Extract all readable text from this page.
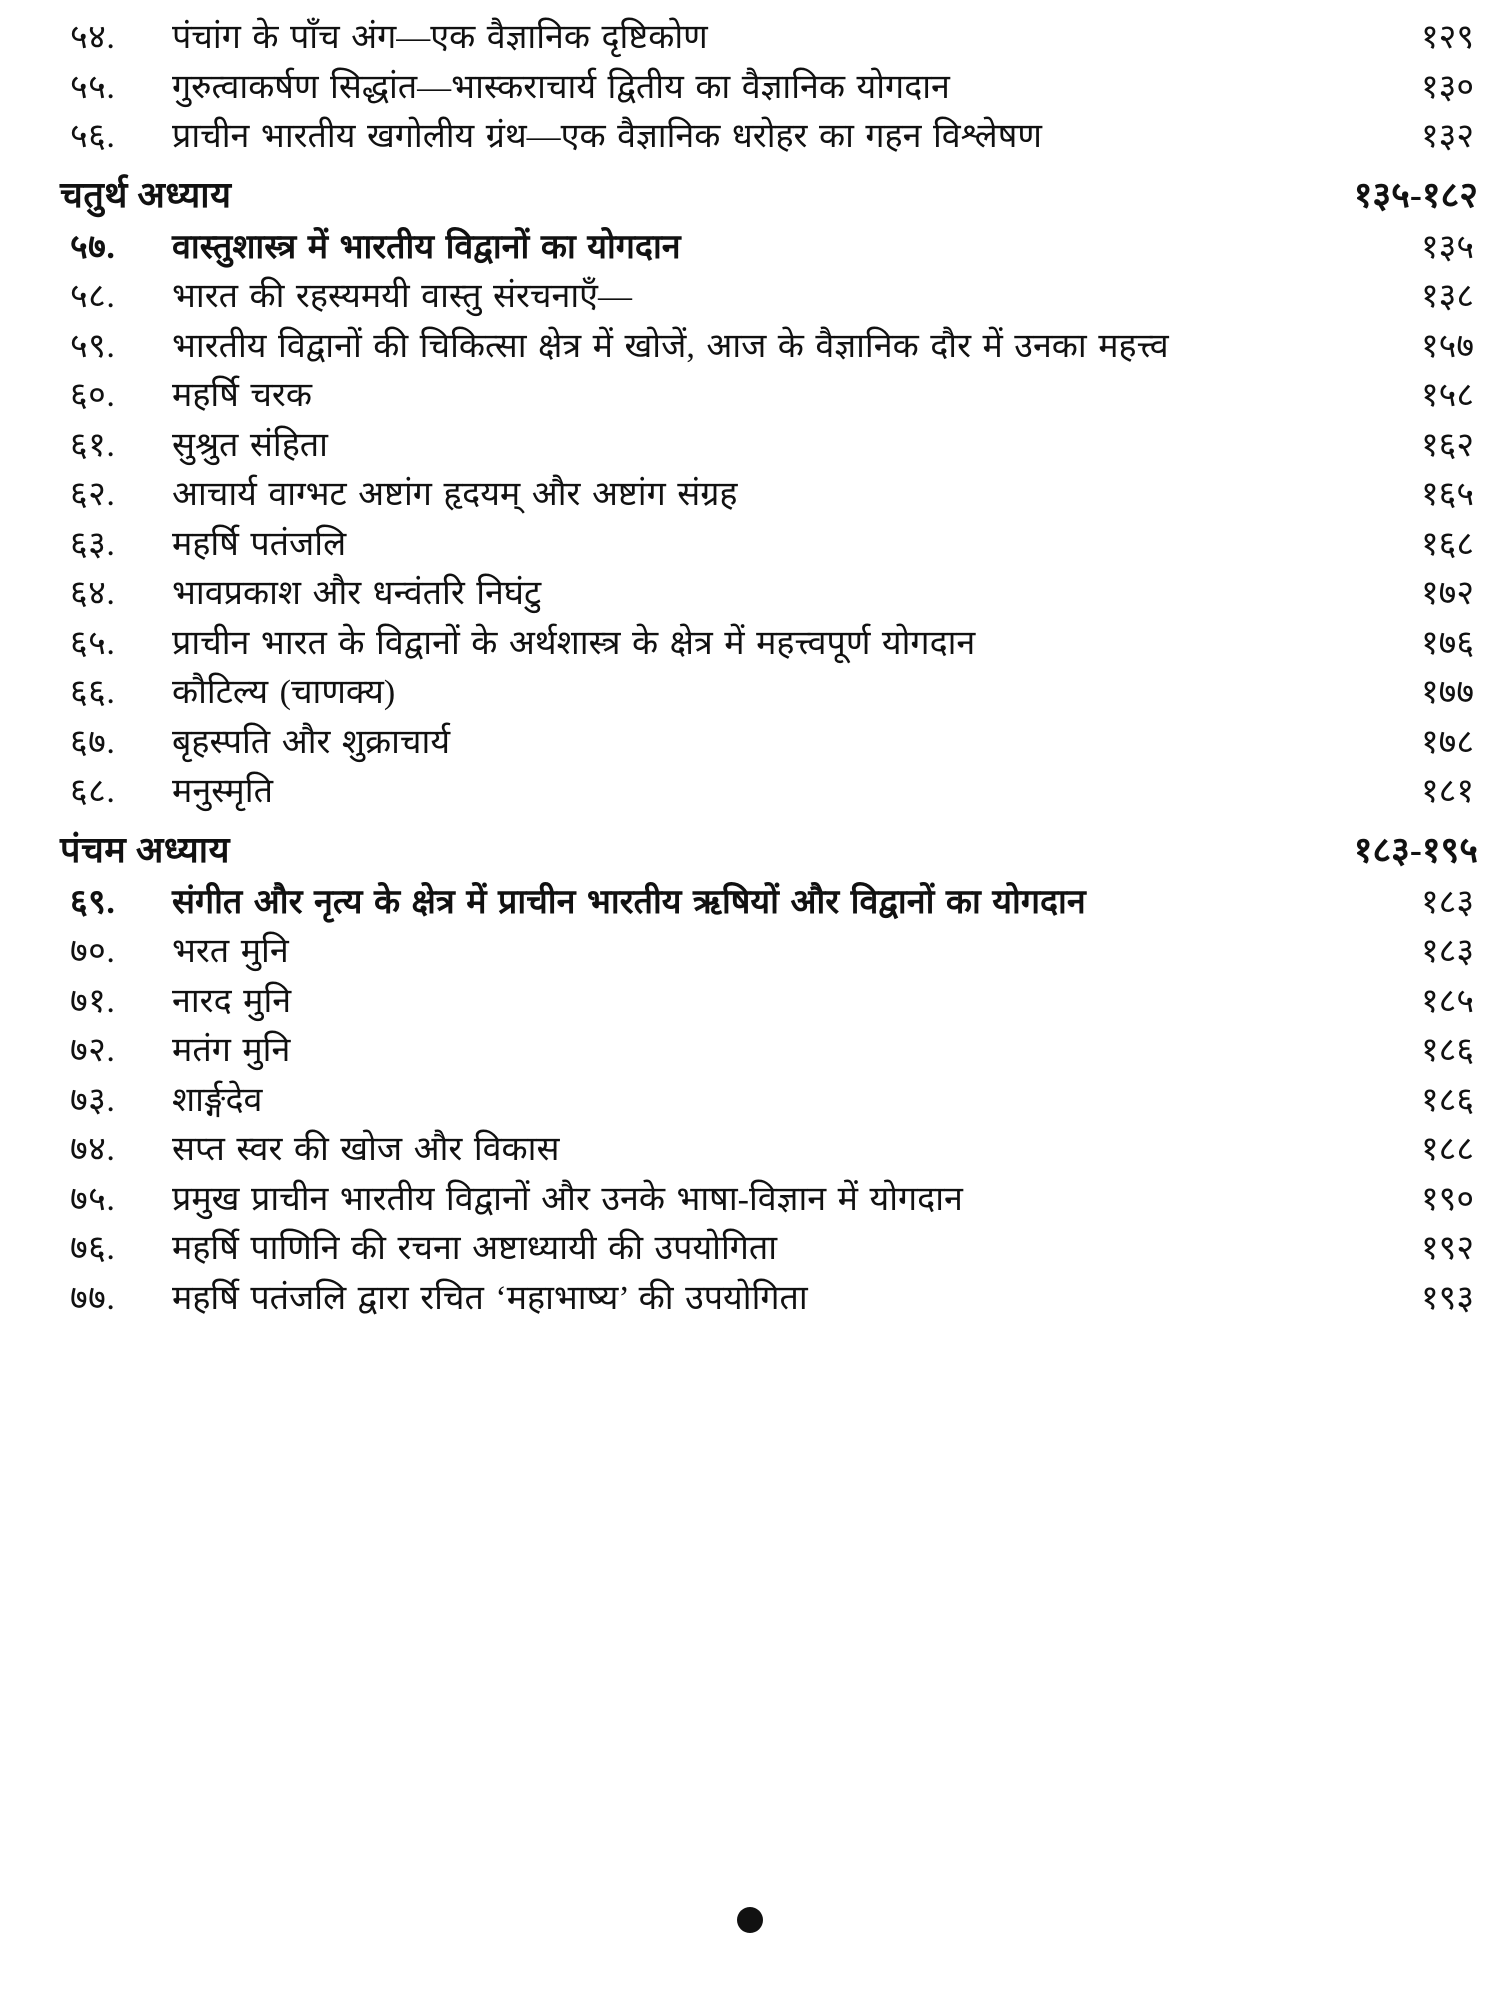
५४.	पंचांग के पाँच अंग—एक वैज्ञानिक दृष्टिकोण	१२९
५५.	गुरुत्वाकर्षण सिद्धांत—भास्कराचार्य द्वितीय का वैज्ञानिक योगदान	१३०
५६.	प्राचीन भारतीय खगोलीय ग्रंथ—एक वैज्ञानिक धरोहर का गहन विश्लेषण	१३२
चतुर्थ अध्याय	१३५-१८२
५७.	वास्तुशास्त्र में भारतीय विद्वानों का योगदान	१३५
५८.	भारत की रहस्यमयी वास्तु संरचनाएँ—	१३८
५९.	भारतीय विद्वानों की चिकित्सा क्षेत्र में खोजें, आज के वैज्ञानिक दौर में उनका महत्त्व	१५७
६०.	महर्षि चरक	१५८
६१.	सुश्रुत संहिता	१६२
६२.	आचार्य वाग्भट अष्टांग हृदयम् और अष्टांग संग्रह	१६५
६३.	महर्षि पतंजलि	१६८
६४.	भावप्रकाश और धन्वंतरि निघंटु	१७२
६५.	प्राचीन भारत के विद्वानों के अर्थशास्त्र के क्षेत्र में महत्त्वपूर्ण योगदान	१७६
६६.	कौटिल्य (चाणक्य)	१७७
६७.	बृहस्पति और शुक्राचार्य	१७८
६८.	मनुस्मृति	१८१
पंचम अध्याय	१८३-१९५
६९.	संगीत और नृत्य के क्षेत्र में प्राचीन भारतीय ऋषियों और विद्वानों का योगदान	१८३
७०.	भरत मुनि	१८३
७१.	नारद मुनि	१८५
७२.	मतंग मुनि	१८६
७३.	शार्ङ्गदेव	१८६
७४.	सप्त स्वर की खोज और विकास	१८८
७५.	प्रमुख प्राचीन भारतीय विद्वानों और उनके भाषा-विज्ञान में योगदान	१९०
७६.	महर्षि पाणिनि की रचना अष्टाध्यायी की उपयोगिता	१९२
७७.	महर्षि पतंजलि द्वारा रचित ‘महाभाष्य’ की उपयोगिता	१९३
